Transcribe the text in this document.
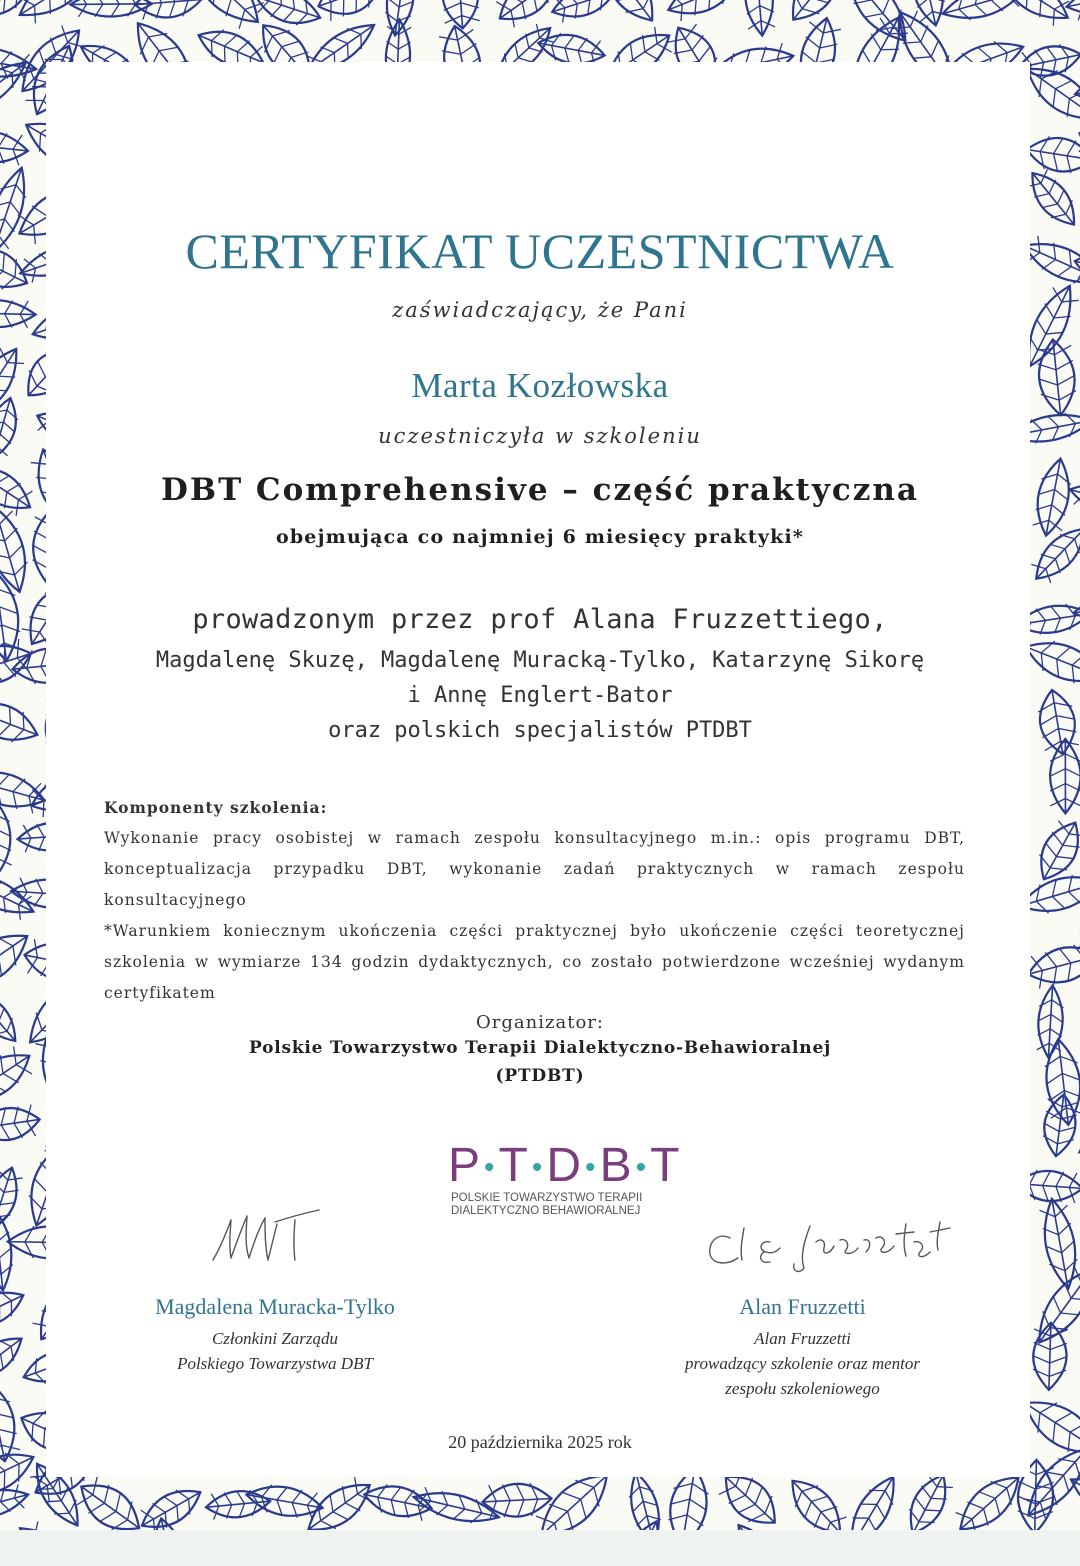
CERTYFIKAT UCZESTNICTWA
zaświadczający, że Pani
Marta Kozłowska
uczestniczyła w szkoleniu
DBT Comprehensive – część praktyczna
obejmująca co najmniej 6 miesięcy praktyki*
prowadzonym przez prof Alana Fruzzettiego,
Magdalenę Skuzę, Magdalenę Muracką-Tylko, Katarzynę Sikorę
i Annę Englert-Bator
oraz polskich specjalistów PTDBT
Komponenty szkolenia:
Wykonanie pracy osobistej w ramach zespołu konsultacyjnego m.in.: opis programu DBT, konceptualizacja przypadku DBT, wykonanie zadań praktycznych w ramach zespołu konsultacyjnego
*Warunkiem koniecznym ukończenia części praktycznej było ukończenie części teoretycznej szkolenia w wymiarze 134 godzin dydaktycznych, co zostało potwierdzone wcześniej wydanym certyfikatem
Organizator:
Polskie Towarzystwo Terapii Dialektyczno-Behawioralnej
(PTDBT)
P•T•D•B•T
POLSKIE TOWARZYSTWO TERAPII
DIALEKTYCZNO BEHAWIORALNEJ
Magdalena Muracka-Tylko
Członkini Zarządu
Polskiego Towarzystwa DBT
Alan Fruzzetti
Alan Fruzzetti
prowadzący szkolenie oraz mentor
zespołu szkoleniowego
20 października 2025 rok
